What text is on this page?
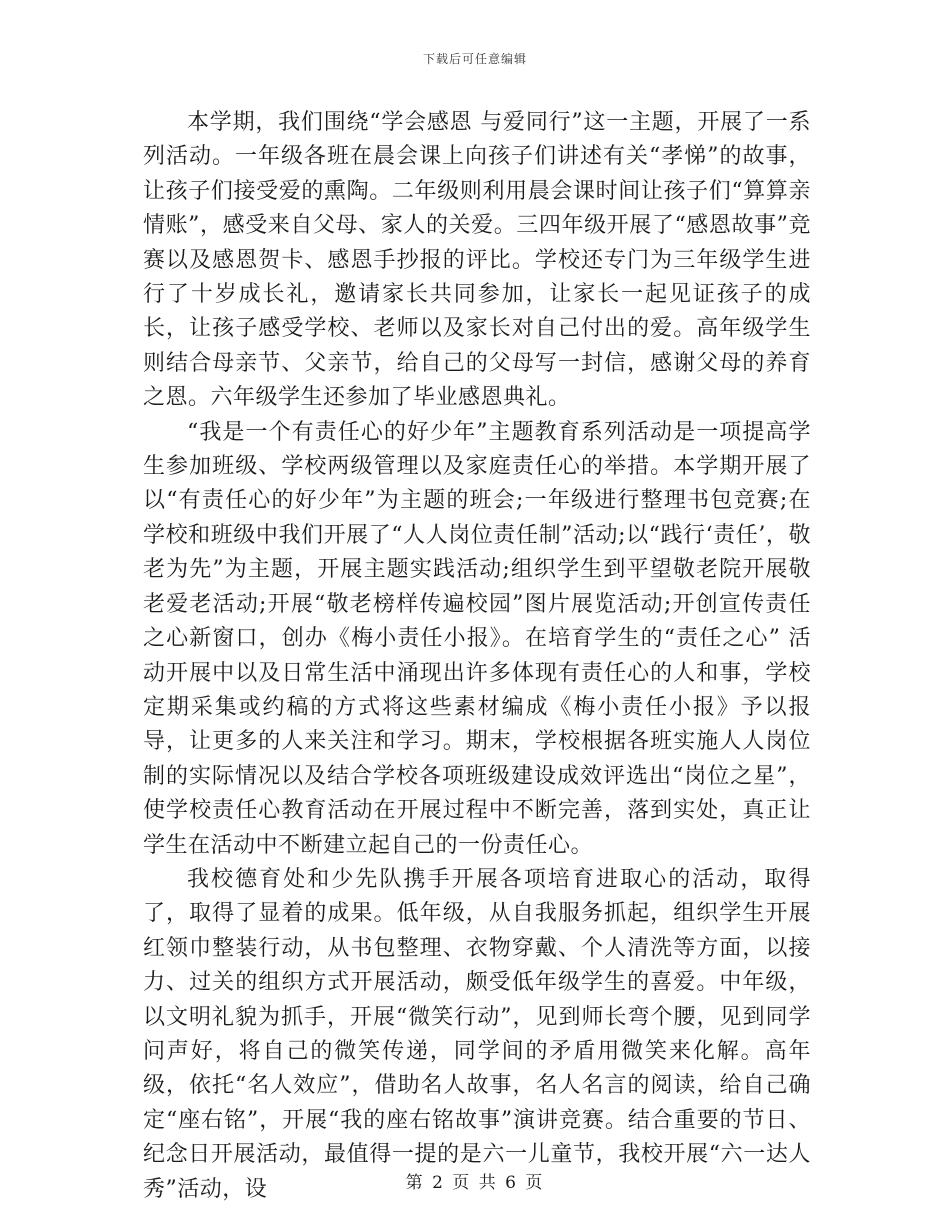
下载后可任意编辑

本学期，我们围绕“学会感恩 与爱同行”这一主题，开展了一系列活动。一年级各班在晨会课上向孩子们讲述有关“孝悌”的故事，让孩子们接受爱的熏陶。二年级则利用晨会课时间让孩子们“算算亲情账”，感受来自父母、家人的关爱。三四年级开展了“感恩故事”竞赛以及感恩贺卡、感恩手抄报的评比。学校还专门为三年级学生进行了十岁成长礼，邀请家长共同参加，让家长一起见证孩子的成长，让孩子感受学校、老师以及家长对自己付出的爱。高年级学生则结合母亲节、父亲节，给自己的父母写一封信，感谢父母的养育之恩。六年级学生还参加了毕业感恩典礼。

“我是一个有责任心的好少年”主题教育系列活动是一项提高学生参加班级、学校两级管理以及家庭责任心的举措。本学期开展了以“有责任心的好少年”为主题的班会;一年级进行整理书包竞赛;在学校和班级中我们开展了“人人岗位责任制”活动;以“践行‘责任’，敬老为先”为主题，开展主题实践活动;组织学生到平望敬老院开展敬老爱老活动;开展“敬老榜样传遍校园”图片展览活动;开创宣传责任之心新窗口，创办《梅小责任小报》。在培育学生的“责任之心” 活动开展中以及日常生活中涌现出许多体现有责任心的人和事，学校定期采集或约稿的方式将这些素材编成《梅小责任小报》予以报导，让更多的人来关注和学习。期末，学校根据各班实施人人岗位制的实际情况以及结合学校各项班级建设成效评选出“岗位之星”，使学校责任心教育活动在开展过程中不断完善，落到实处，真正让学生在活动中不断建立起自己的一份责任心。

我校德育处和少先队携手开展各项培育进取心的活动，取得了，取得了显着的成果。低年级，从自我服务抓起，组织学生开展红领巾整装行动，从书包整理、衣物穿戴、个人清洗等方面，以接力、过关的组织方式开展活动，颇受低年级学生的喜爱。中年级，以文明礼貌为抓手，开展“微笑行动”，见到师长弯个腰，见到同学问声好，将自己的微笑传递，同学间的矛盾用微笑来化解。高年级，依托“名人效应”，借助名人故事，名人名言的阅读，给自己确定“座右铭”，开展“我的座右铭故事”演讲竞赛。结合重要的节日、纪念日开展活动，最值得一提的是六一儿童节，我校开展“六一达人秀”活动，设	第 2 页 共 6 页
